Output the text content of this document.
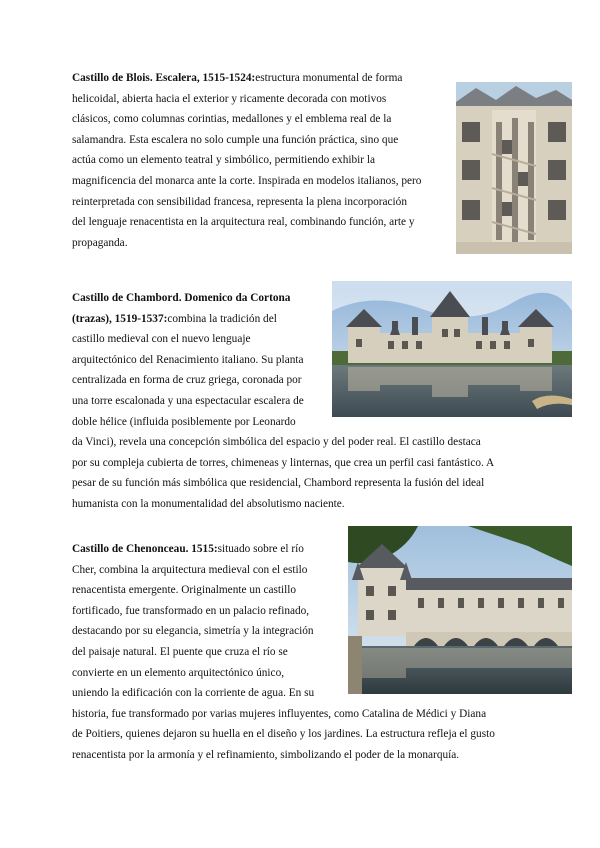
Castillo de Blois. Escalera, 1515-1524:estructura monumental de forma
helicoidal, abierta hacia el exterior y ricamente decorada con motivos
clásicos, como columnas corintias, medallones y el emblema real de la
salamandra. Esta escalera no solo cumple una función práctica, sino que
actúa como un elemento teatral y simbólico, permitiendo exhibir la
magnificencia del monarca ante la corte. Inspirada en modelos italianos, pero
reinterpretada con sensibilidad francesa, representa la plena incorporación
del lenguaje renacentista en la arquitectura real, combinando función, arte y
propaganda.
Castillo de Chambord. Domenico da Cortona
(trazas), 1519-1537:combina la tradición del
castillo medieval con el nuevo lenguaje
arquitectónico del Renacimiento italiano. Su planta
centralizada en forma de cruz griega, coronada por
una torre escalonada y una espectacular escalera de
doble hélice (influida posiblemente por Leonardo
da Vinci), revela una concepción simbólica del espacio y del poder real. El castillo destaca
por su compleja cubierta de torres, chimeneas y linternas, que crea un perfil casi fantástico. A
pesar de su función más simbólica que residencial, Chambord representa la fusión del ideal
humanista con la monumentalidad del absolutismo naciente.
Castillo de Chenonceau. 1515:situado sobre el río
Cher, combina la arquitectura medieval con el estilo
renacentista emergente. Originalmente un castillo
fortificado, fue transformado en un palacio refinado,
destacando por su elegancia, simetría y la integración
del paisaje natural. El puente que cruza el río se
convierte en un elemento arquitectónico único,
uniendo la edificación con la corriente de agua. En su
historia, fue transformado por varias mujeres influyentes, como Catalina de Médici y Diana
de Poitiers, quienes dejaron su huella en el diseño y los jardines. La estructura refleja el gusto
renacentista por la armonía y el refinamiento, simbolizando el poder de la monarquía.
